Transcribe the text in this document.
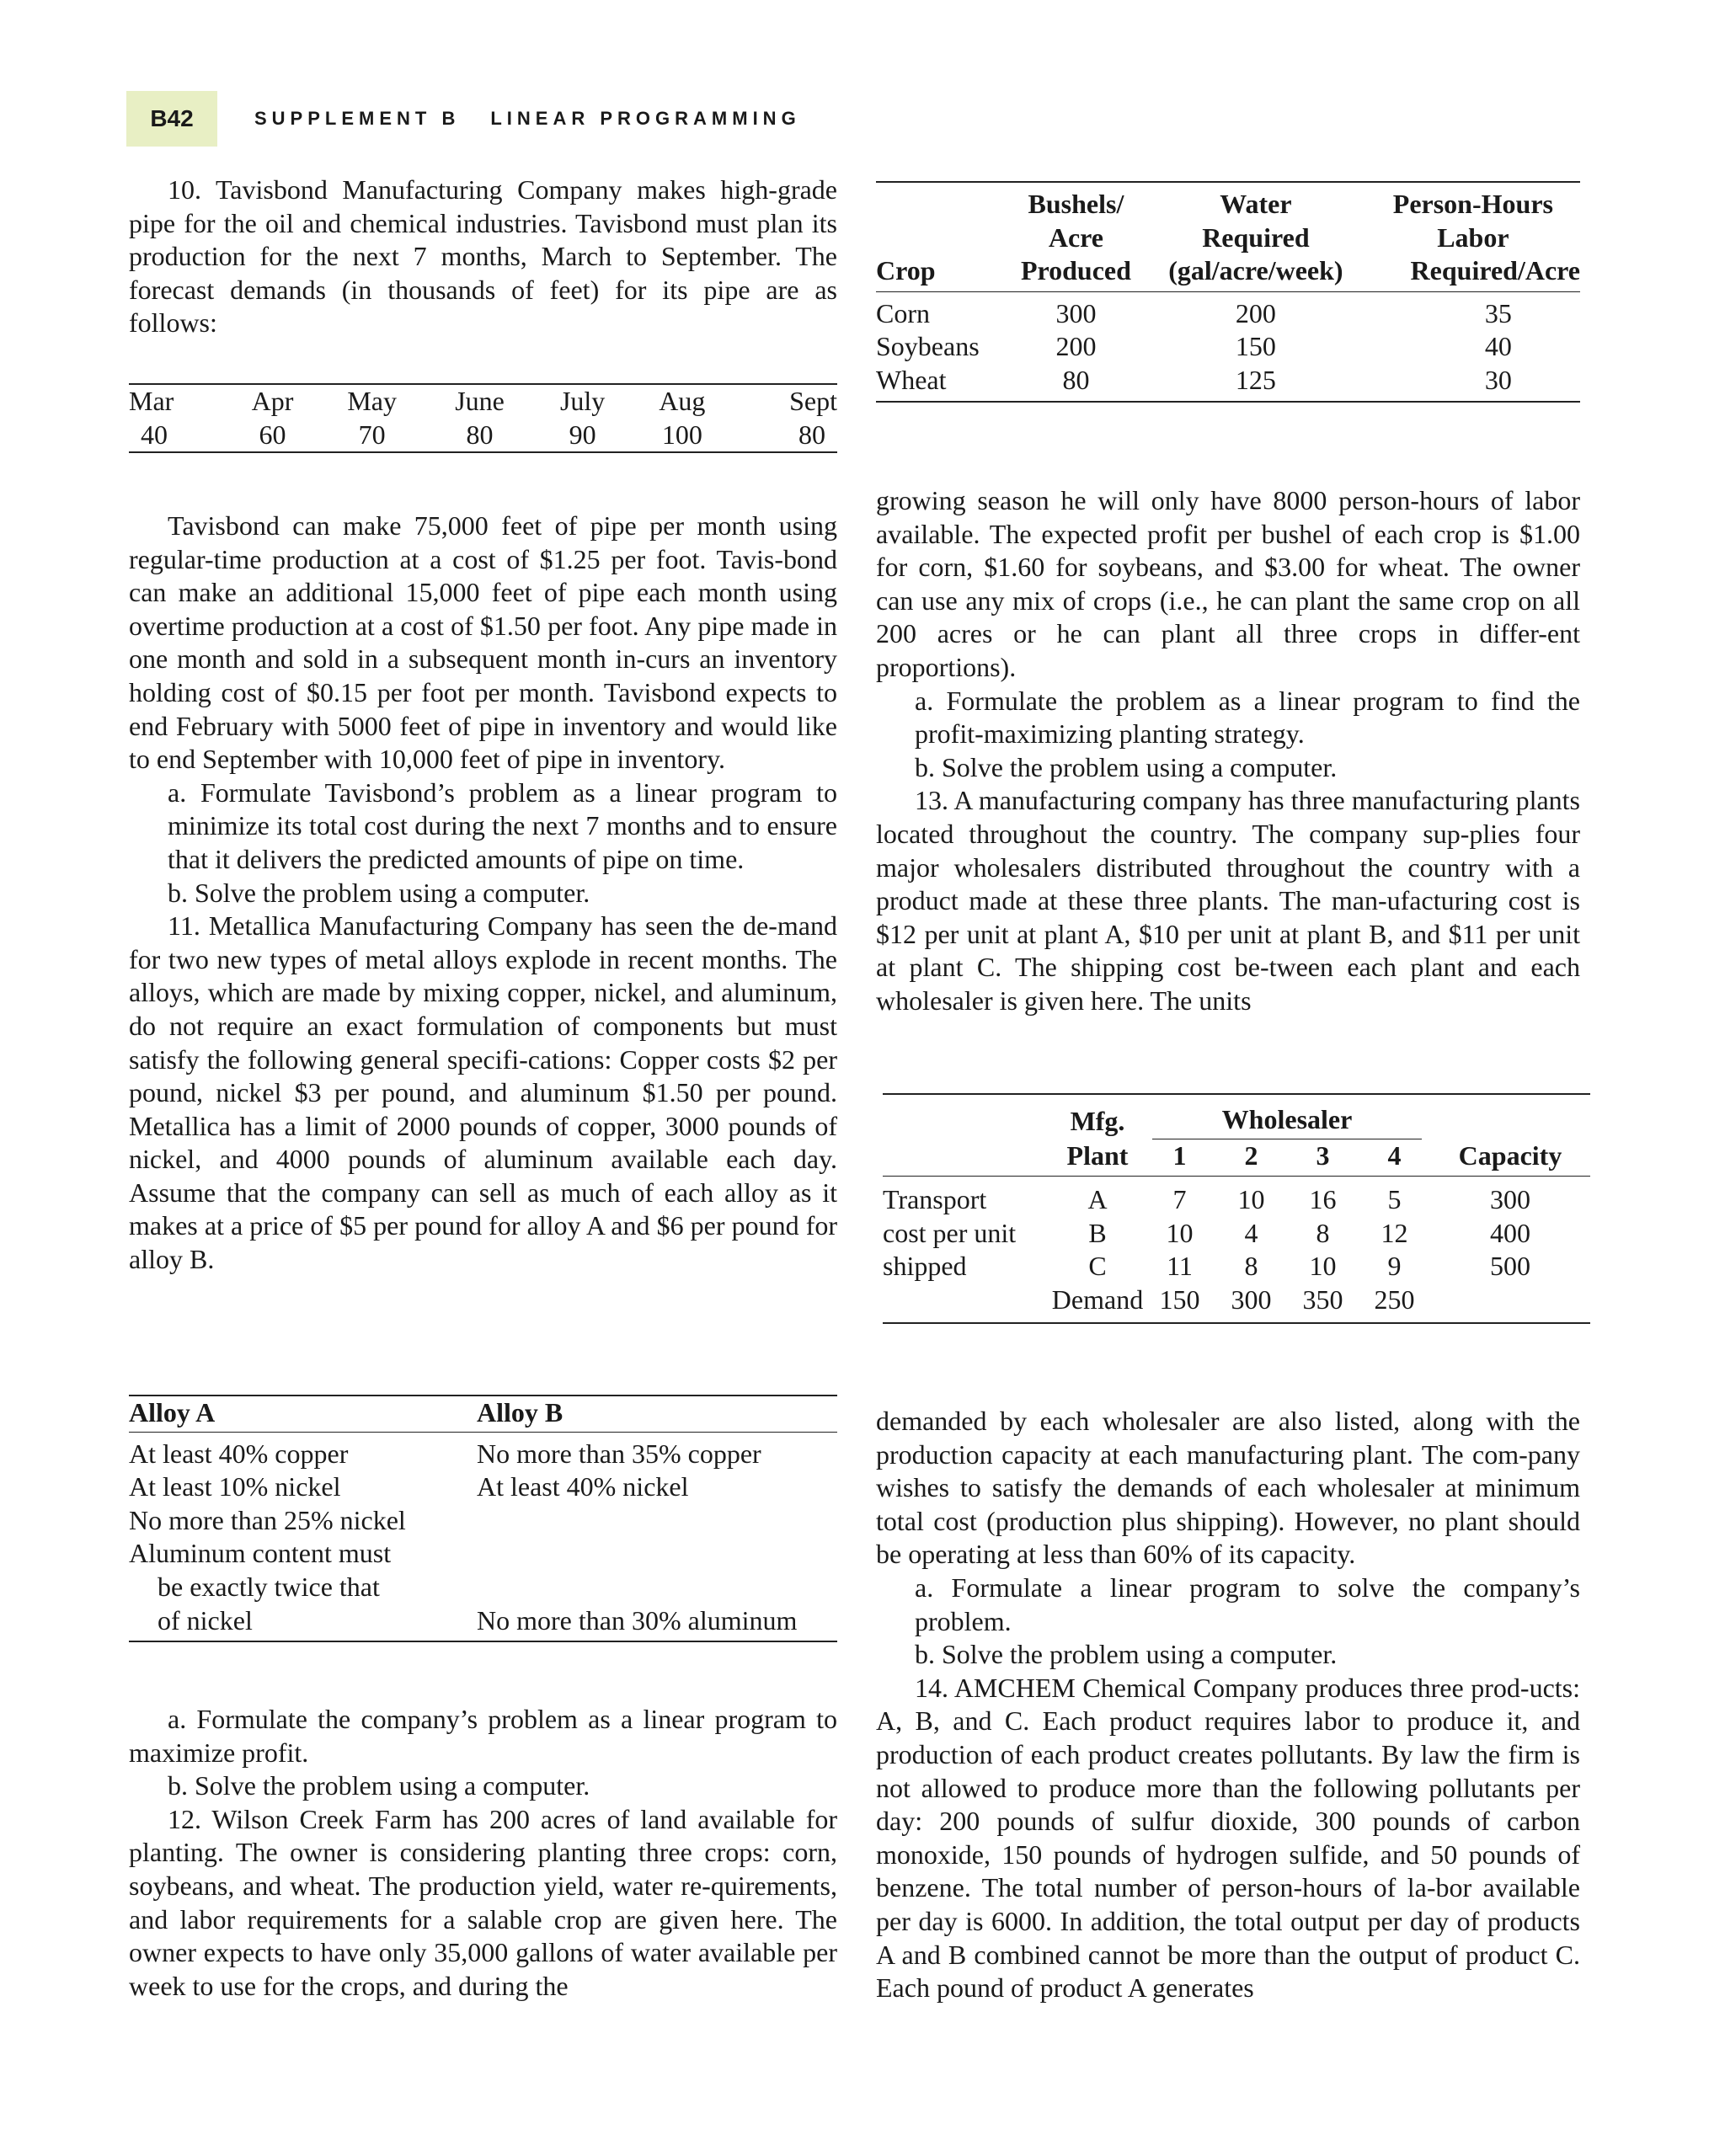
B42	SUPPLEMENT B LINEAR PROGRAMMING

10. Tavisbond Manufacturing Company makes high-grade pipe for the oil and chemical industries. Tavisbond must plan its production for the next 7 months, March to September. The forecast demands (in thousands of feet) for its pipe are as follows:

Mar	Apr	May	June	July	Aug	Sept
40	60	70	80	90	100	80

Tavisbond can make 75,000 feet of pipe per month using regular-time production at a cost of $1.25 per foot. Tavis-bond can make an additional 15,000 feet of pipe each month using overtime production at a cost of $1.50 per foot. Any pipe made in one month and sold in a subsequent month in-curs an inventory holding cost of $0.15 per foot per month. Tavisbond expects to end February with 5000 feet of pipe in inventory and would like to end September with 10,000 feet of pipe in inventory.

a. Formulate Tavisbond’s problem as a linear program to minimize its total cost during the next 7 months and to ensure that it delivers the predicted amounts of pipe on time.

b. Solve the problem using a computer.

11. Metallica Manufacturing Company has seen the de-mand for two new types of metal alloys explode in recent months. The alloys, which are made by mixing copper, nickel, and aluminum, do not require an exact formulation of components but must satisfy the following general specifi-cations: Copper costs $2 per pound, nickel $3 per pound, and aluminum $1.50 per pound. Metallica has a limit of 2000 pounds of copper, 3000 pounds of nickel, and 4000 pounds of aluminum available each day. Assume that the company can sell as much of each alloy as it makes at a price of $5 per pound for alloy A and $6 per pound for alloy B.

Alloy A	Alloy B
At least 40% copper	No more than 35% copper
At least 10% nickel	At least 40% nickel
No more than 25% nickel	
Aluminum content must	
be exactly twice that	
of nickel	No more than 30% aluminum

a. Formulate the company’s problem as a linear program to maximize profit.

b. Solve the problem using a computer.

12. Wilson Creek Farm has 200 acres of land available for planting. The owner is considering planting three crops: corn, soybeans, and wheat. The production yield, water re-quirements, and labor requirements for a salable crop are given here. The owner expects to have only 35,000 gallons of water available per week to use for the crops, and during the

	Bushels/	Water	Person-Hours
	Acre	Required	Labor
Crop	Produced	(gal/acre/week)	Required/Acre
Corn	300	200	35
Soybeans	200	150	40
Wheat	80	125	30

growing season he will only have 8000 person-hours of labor available. The expected profit per bushel of each crop is $1.00 for corn, $1.60 for soybeans, and $3.00 for wheat. The owner can use any mix of crops (i.e., he can plant the same crop on all 200 acres or he can plant all three crops in differ-ent proportions).

a. Formulate the problem as a linear program to find the profit-maximizing planting strategy.

b. Solve the problem using a computer.

13. A manufacturing company has three manufacturing plants located throughout the country. The company sup-plies four major wholesalers distributed throughout the country with a product made at these three plants. The man-ufacturing cost is $12 per unit at plant A, $10 per unit at plant B, and $11 per unit at plant C. The shipping cost be-tween each plant and each wholesaler is given here. The units

	Mfg.	Wholesaler				

	Plant	1	2	3	4	Capacity
Transport	A	7	10	16	5	300
cost per unit	B	10	4	8	12	400
shipped	C	11	8	10	9	500
	Demand	150	300	350	250	

demanded by each wholesaler are also listed, along with the production capacity at each manufacturing plant. The com-pany wishes to satisfy the demands of each wholesaler at minimum total cost (production plus shipping). However, no plant should be operating at less than 60% of its capacity.

a. Formulate a linear program to solve the company’s problem.

b. Solve the problem using a computer.

14. AMCHEM Chemical Company produces three prod-ucts: A, B, and C. Each product requires labor to produce it, and production of each product creates pollutants. By law the firm is not allowed to produce more than the following pollutants per day: 200 pounds of sulfur dioxide, 300 pounds of carbon monoxide, 150 pounds of hydrogen sulfide, and 50 pounds of benzene. The total number of person-hours of la-bor available per day is 6000. In addition, the total output per day of products A and B combined cannot be more than the output of product C. Each pound of product A generates
